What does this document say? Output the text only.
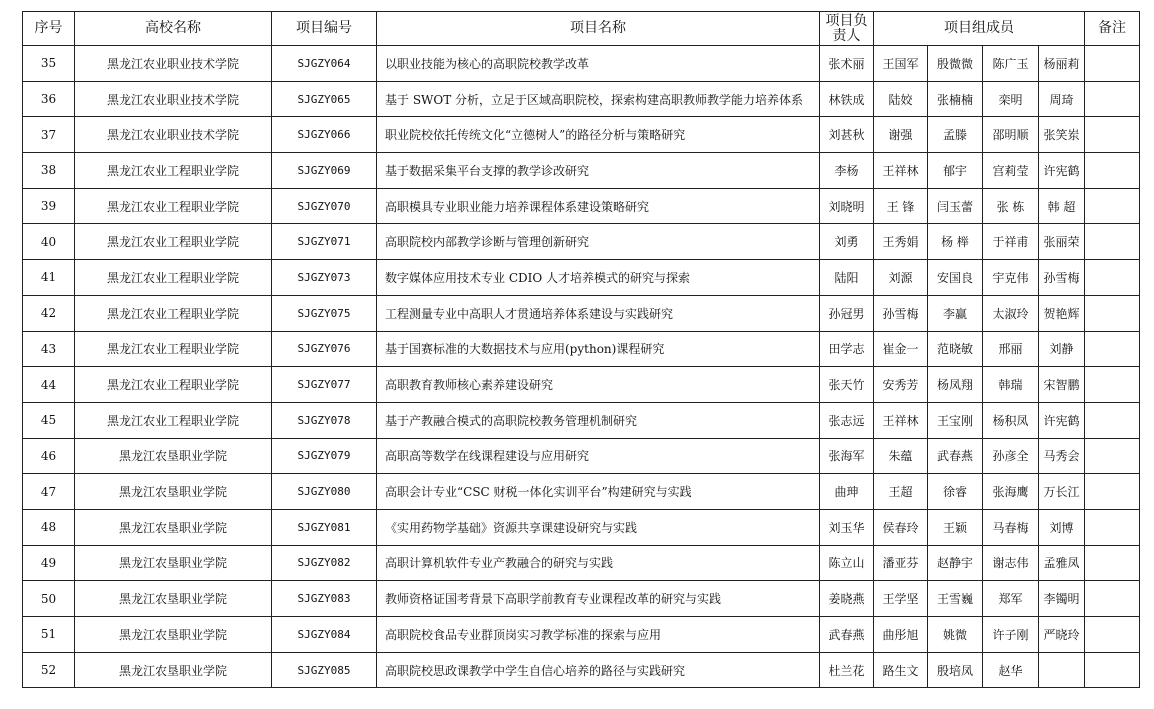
序号	高校名称	项目编号	项目名称	项目负
责人	项目组成员				备注
35	黑龙江农业职业技术学院	SJGZY064	以职业技能为核心的高职院校教学改革	张术丽	王国军	殷微微	陈广玉	杨丽莉	
36	黑龙江农业职业技术学院	SJGZY065	基于 SWOT 分析，立足于区域高职院校，探索构建高职教师教学能力培养体系	林铁成	陆姣	张楠楠	栾明	周琦	
37	黑龙江农业职业技术学院	SJGZY066	职业院校依托传统文化“立德树人”的路径分析与策略研究	刘甚秋	谢强	孟滕	邵明顺	张笑岽	
38	黑龙江农业工程职业学院	SJGZY069	基于数据采集平台支撑的教学诊改研究	李杨	王祥林	郁宇	宫莉莹	许宪鹤	
39	黑龙江农业工程职业学院	SJGZY070	高职模具专业职业能力培养课程体系建设策略研究	刘晓明	王 锋	闫玉蕾	张 栋	韩 超	
40	黑龙江农业工程职业学院	SJGZY071	高职院校内部教学诊断与管理创新研究	刘勇	王秀娟	杨 榉	于祥甫	张丽荣	
41	黑龙江农业工程职业学院	SJGZY073	数字媒体应用技术专业 CDIO 人才培养模式的研究与探索	陆阳	刘源	安国良	宇克伟	孙雪梅	
42	黑龙江农业工程职业学院	SJGZY075	工程测量专业中高职人才贯通培养体系建设与实践研究	孙冠男	孙雪梅	李赢	太淑玲	贺艳辉	
43	黑龙江农业工程职业学院	SJGZY076	基于国赛标准的大数据技术与应用(python)课程研究	田学志	崔金一	范晓敏	邢丽	刘静	
44	黑龙江农业工程职业学院	SJGZY077	高职教育教师核心素养建设研究	张天竹	安秀芳	杨凤翔	韩瑞	宋智鹏	
45	黑龙江农业工程职业学院	SJGZY078	基于产教融合模式的高职院校教务管理机制研究	张志远	王祥林	王宝刚	杨积凤	许宪鹤	
46	黑龙江农垦职业学院	SJGZY079	高职高等数学在线课程建设与应用研究	张海军	朱蕴	武春燕	孙彦全	马秀会	
47	黑龙江农垦职业学院	SJGZY080	高职会计专业“CSC 财税一体化实训平台”构建研究与实践	曲珅	王超	徐睿	张海鹰	万长江	
48	黑龙江农垦职业学院	SJGZY081	《实用药物学基础》资源共享课建设研究与实践	刘玉华	侯春玲	王颖	马春梅	刘博	
49	黑龙江农垦职业学院	SJGZY082	高职计算机软件专业产教融合的研究与实践	陈立山	潘亚芬	赵静宇	谢志伟	孟雅凤	
50	黑龙江农垦职业学院	SJGZY083	教师资格证国考背景下高职学前教育专业课程改革的研究与实践	姜晓燕	王学坚	王雪巍	郑军	李镯明	
51	黑龙江农垦职业学院	SJGZY084	高职院校食品专业群顶岗实习教学标准的探索与应用	武春燕	曲彤旭	姚微	许子刚	严晓玲	
52	黑龙江农垦职业学院	SJGZY085	高职院校思政课教学中学生自信心培养的路径与实践研究	杜兰花	路生文	殷培凤	赵华		
